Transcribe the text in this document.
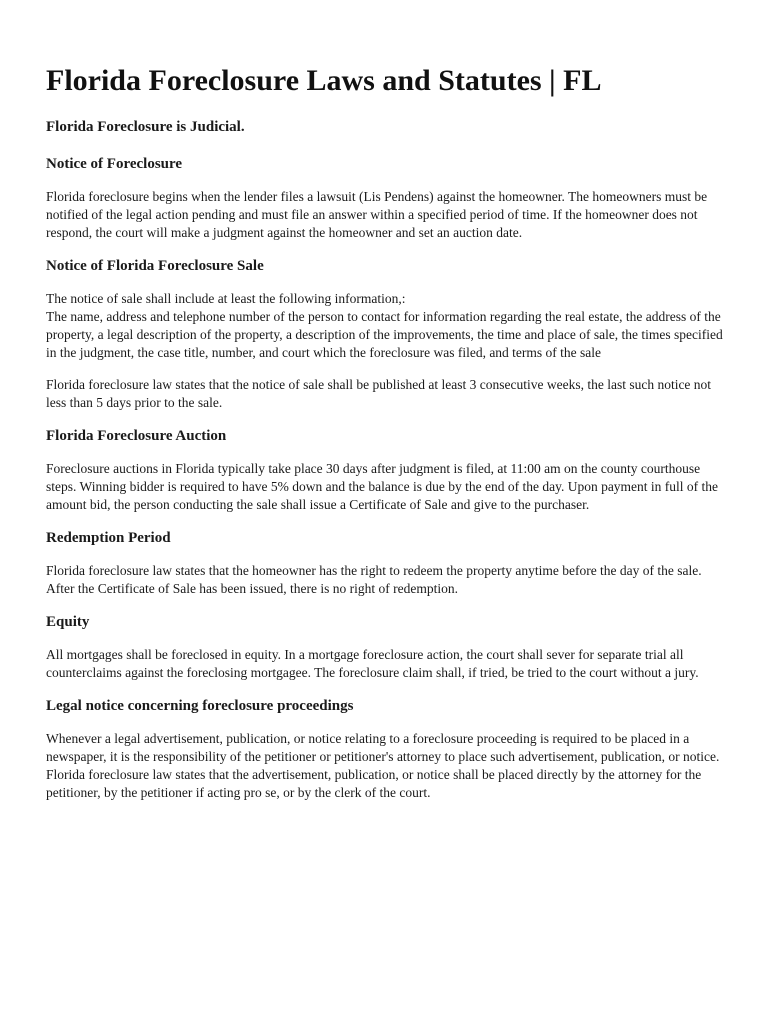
Florida Foreclosure Laws and Statutes | FL
Florida Foreclosure is Judicial.
Notice of Foreclosure

Florida foreclosure begins when the lender files a lawsuit (Lis Pendens) against the homeowner. The homeowners must be notified of the legal action pending and must file an answer within a specified period of time. If the homeowner does not respond, the court will make a judgment against the homeowner and set an auction date.

Notice of Florida Foreclosure Sale

The notice of sale shall include at least the following information,:
The name, address and telephone number of the person to contact for information regarding the real estate, the address of the property, a legal description of the property, a description of the improvements, the time and place of sale, the times specified in the judgment, the case title, number, and court which the foreclosure was filed, and terms of the sale

Florida foreclosure law states that the notice of sale shall be published at least 3 consecutive weeks, the last such notice not less than 5 days prior to the sale.

Florida Foreclosure Auction

Foreclosure auctions in Florida typically take place 30 days after judgment is filed, at 11:00 am on the county courthouse steps. Winning bidder is required to have 5% down and the balance is due by the end of the day. Upon payment in full of the amount bid, the person conducting the sale shall issue a Certificate of Sale and give to the purchaser.

Redemption Period

Florida foreclosure law states that the homeowner has the right to redeem the property anytime before the day of the sale. After the Certificate of Sale has been issued, there is no right of redemption.

Equity

All mortgages shall be foreclosed in equity. In a mortgage foreclosure action, the court shall sever for separate trial all counterclaims against the foreclosing mortgagee. The foreclosure claim shall, if tried, be tried to the court without a jury.

Legal notice concerning foreclosure proceedings

Whenever a legal advertisement, publication, or notice relating to a foreclosure proceeding is required to be placed in a newspaper, it is the responsibility of the petitioner or petitioner's attorney to place such advertisement, publication, or notice. Florida foreclosure law states that the advertisement, publication, or notice shall be placed directly by the attorney for the petitioner, by the petitioner if acting pro se, or by the clerk of the court.
